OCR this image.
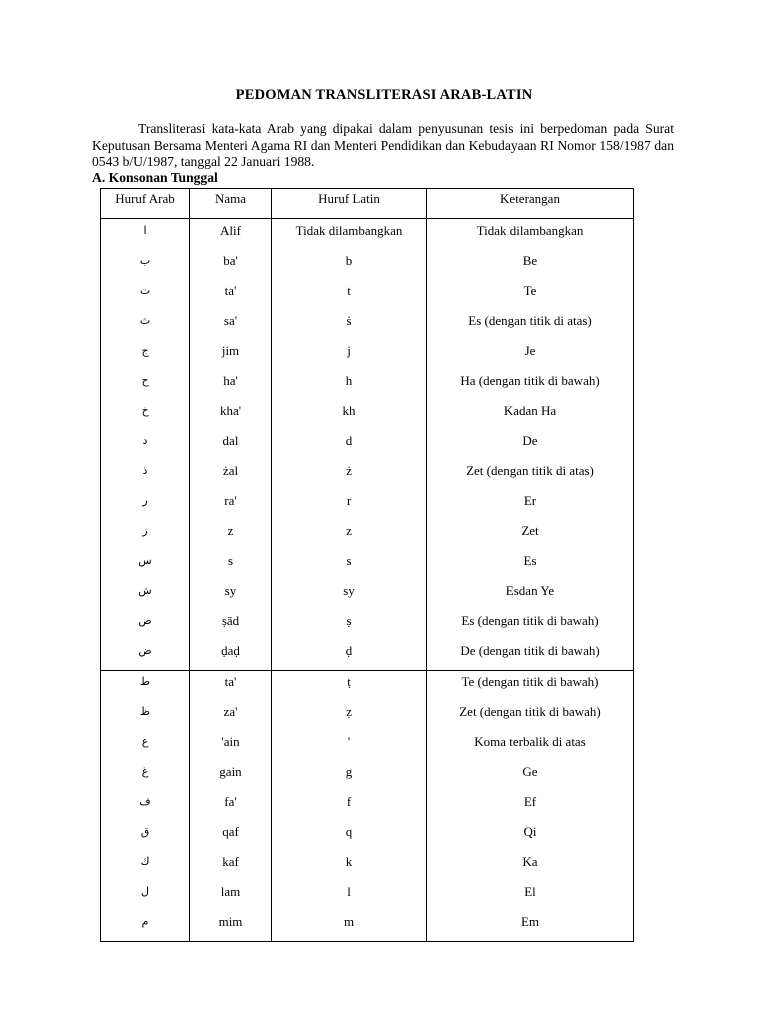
PEDOMAN TRANSLITERASI ARAB-LATIN
Transliterasi kata-kata Arab yang dipakai dalam penyusunan tesis ini berpedoman pada Surat Keputusan Bersama Menteri Agama RI dan Menteri Pendidikan dan Kebudayaan RI Nomor 158/1987 dan 0543 b/U/1987, tanggal 22 Januari 1988.
A. Konsonan Tunggal
Huruf Arab	Nama	Huruf Latin	Keterangan
ا	Alif	Tidak dilambangkan	Tidak dilambangkan
ب	ba'	b	Be
ت	ta'	t	Te
ث	sa'	ṡ	Es (dengan titik di atas)
ج	jim	j	Je
ح	ha'	h	Ha (dengan titik di bawah)
خ	kha'	kh	Kadan Ha
د	dal	d	De
ذ	żal	ż	Zet (dengan titik di atas)
ر	ra'	r	Er
ز	z	z	Zet
س	s	s	Es
ش	sy	sy	Esdan Ye
ص	ṣād	ṣ	Es (dengan titik di bawah)
ض	ḍaḍ	ḍ	De (dengan titik di bawah)
ط	ta'	ṭ	Te (dengan titik di bawah)
ظ	za'	ẓ	Zet (dengan titik di bawah)
ع	'ain	'	Koma terbalik di atas
غ	gain	g	Ge
ف	fa'	f	Ef
ق	qaf	q	Qi
ك	kaf	k	Ka
ل	lam	l	El
م	mim	m	Em
